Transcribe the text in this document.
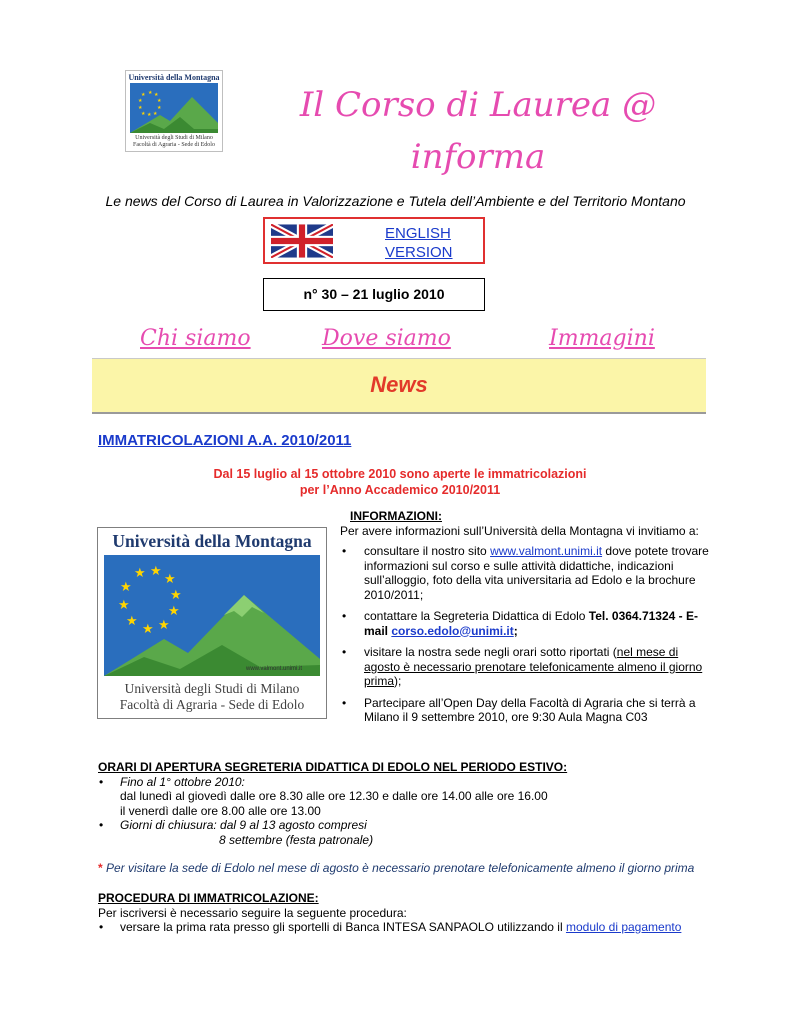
Università della Montagna
★ ★
★
★
★
★
★
★
★
★
Università degli Studi di Milano
Facoltà di Agraria - Sede di Edolo
Il Corso di Laurea @
informa
Le news del Corso di Laurea in Valorizzazione e Tutela dell’Ambiente e del Territorio Montano
ENGLISH
VERSION
n° 30 – 21 luglio 2010
Chi siamo	Dove siamo	Immagini
News
IMMATRICOLAZIONI A.A. 2010/2011
Dal 15 luglio al 15 ottobre 2010 sono aperte le immatricolazioni
per l’Anno Accademico 2010/2011
Università della Montagna
★ ★
★
★
★
★
★
★
★
★
www.valmont.unimi.it
Università degli Studi di Milano
Facoltà di Agraria - Sede di Edolo
INFORMAZIONI:
Per avere informazioni sull’Università della Montagna vi invitiamo a:
• consultare il nostro sito www.valmont.unimi.it dove potete trovare informazioni sul corso e sulle attività didattiche, indicazioni sull’alloggio, foto della vita universitaria ad Edolo e la brochure 2010/2011;
• contattare la Segreteria Didattica di Edolo Tel. 0364.71324 - E-mail corso.edolo@unimi.it;
• visitare la nostra sede negli orari sotto riportati (nel mese di agosto è necessario prenotare telefonicamente almeno il giorno prima);
• Partecipare all’Open Day della Facoltà di Agraria che si terrà a Milano il 9 settembre 2010, ore 9:30 Aula Magna C03
ORARI DI APERTURA SEGRETERIA DIDATTICA DI EDOLO NEL PERIODO ESTIVO:
• Fino al 1° ottobre 2010:
dal lunedì al giovedì dalle ore 8.30 alle ore 12.30 e dalle ore 14.00 alle ore 16.00
il venerdì dalle ore 8.00 alle ore 13.00
• Giorni di chiusura: dal 9 al 13 agosto compresi
8 settembre (festa patronale)
* Per visitare la sede di Edolo nel mese di agosto è necessario prenotare telefonicamente almeno il giorno prima
PROCEDURA DI IMMATRICOLAZIONE:
Per iscriversi è necessario seguire la seguente procedura:
• versare la prima rata presso gli sportelli di Banca INTESA SANPAOLO utilizzando il modulo di pagamento
